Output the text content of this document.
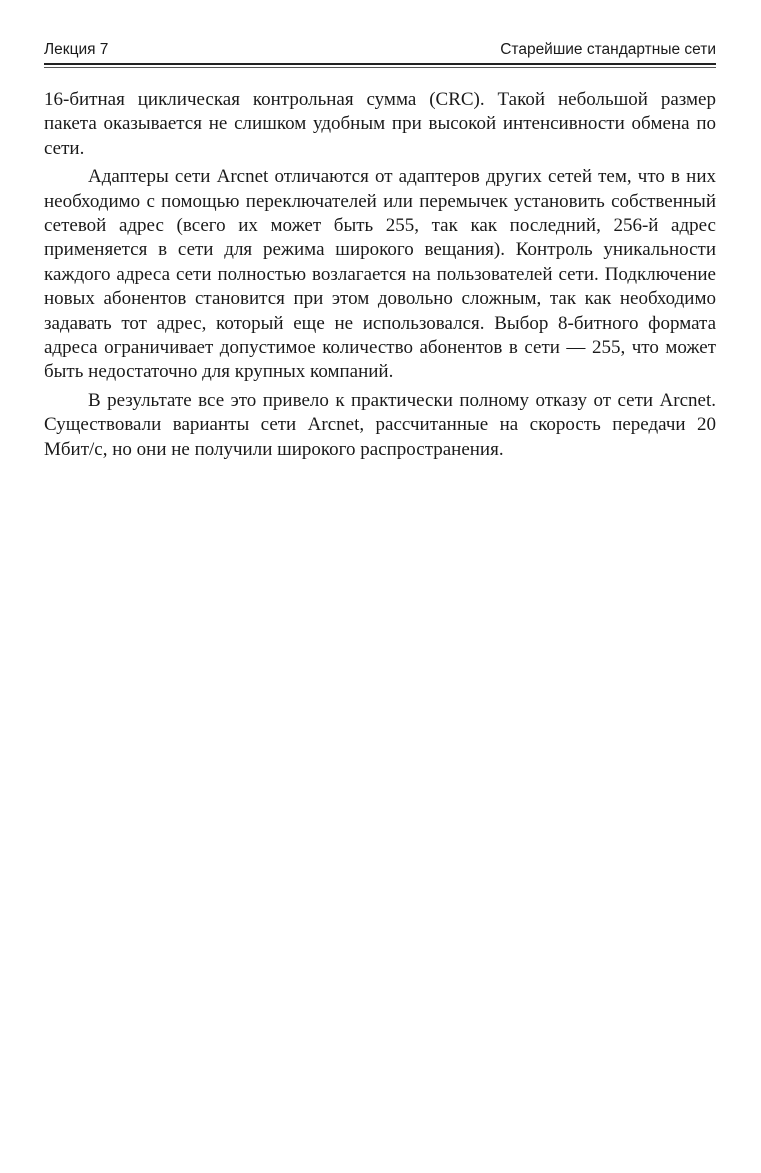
Лекция 7	Старейшие стандартные сети

16-битная циклическая контрольная сумма (CRC). Такой небольшой размер пакета оказывается не слишком удобным при высокой интенсивности обмена по сети.

Адаптеры сети Arcnet отличаются от адаптеров других сетей тем, что в них необходимо с помощью переключателей или перемычек установить собственный сетевой адрес (всего их может быть 255, так как последний, 256-й адрес применяется в сети для режима широкого вещания). Контроль уникальности каждого адреса сети полностью возлагается на пользователей сети. Подключение новых абонентов становится при этом довольно сложным, так как необходимо задавать тот адрес, который еще не использовался. Выбор 8-битного формата адреса ограничивает допустимое количество абонентов в сети — 255, что может быть недостаточно для крупных компаний.

В результате все это привело к практически полному отказу от сети Arcnet. Существовали варианты сети Arcnet, рассчитанные на скорость передачи 20 Мбит/с, но они не получили широкого распространения.
